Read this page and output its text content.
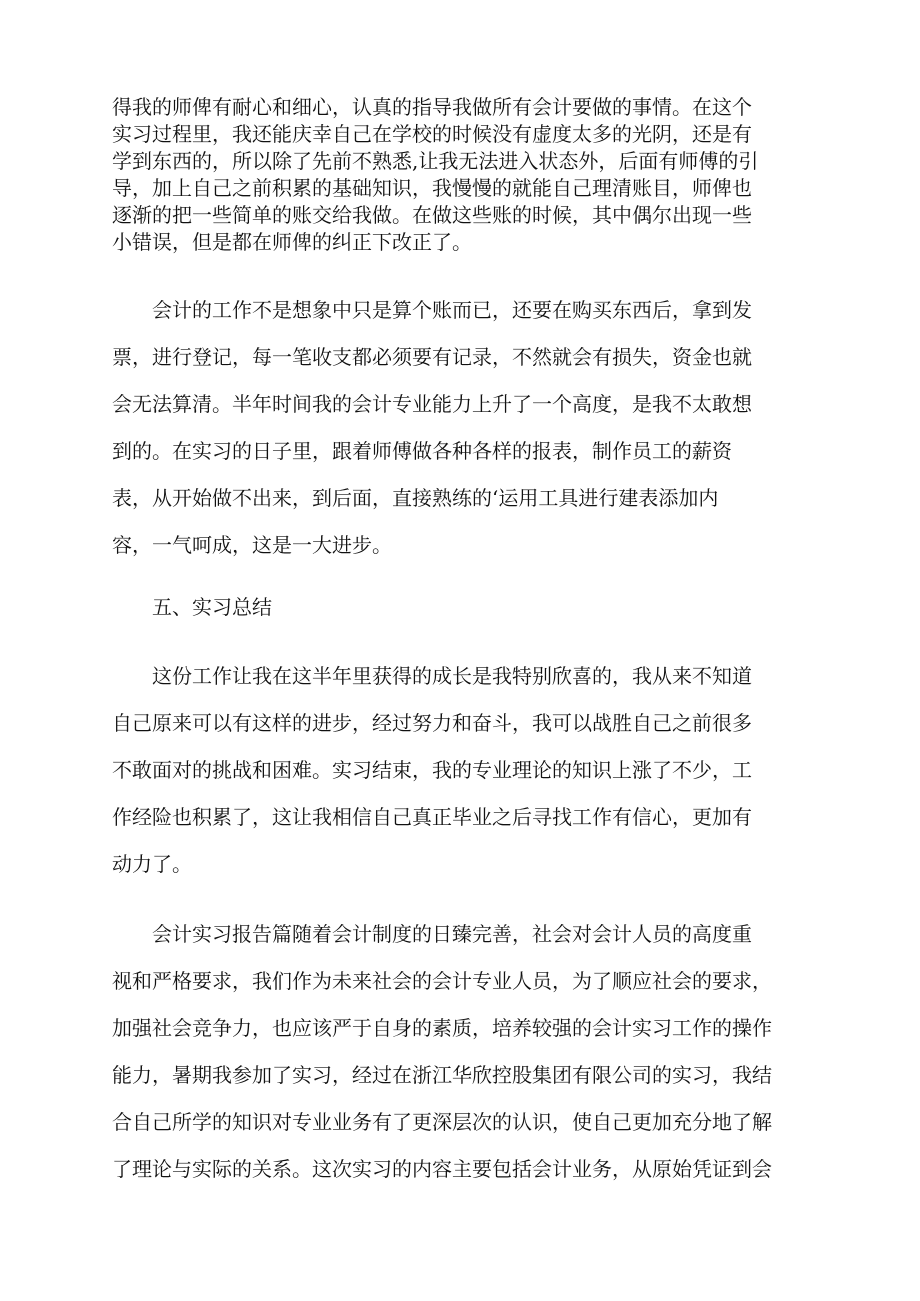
得我的师俾有耐心和细心，认真的指导我做所有会计要做的事情。在这个
实习过程里，我还能庆幸自己在学校的时候没有虚度太多的光阴，还是有
学到东西的，所以除了先前不熟悉,让我无法进入状态外，后面有师傅的引
导，加上自己之前积累的基础知识，我慢慢的就能自己理清账目，师俾也
逐渐的把一些简单的账交给我做。在做这些账的时候，其中偶尔出现一些
小错误，但是都在师俾的纠正下改正了。

　　会计的工作不是想象中只是算个账而已，还要在购买东西后，拿到发
票，进行登记，每一笔收支都必须要有记录，不然就会有损失，资金也就
会无法算清。半年时间我的会计专业能力上升了一个高度，是我不太敢想
到的。在实习的日子里，跟着师傅做各种各样的报表，制作员工的薪资
表，从开始做不出来，到后面，直接熟练的‘运用工具进行建表添加内
容，一气呵成，这是一大进步。

　　五、实习总结

　　这份工作让我在这半年里获得的成长是我特别欣喜的，我从来不知道
自己原来可以有这样的进步，经过努力和奋斗，我可以战胜自己之前很多
不敢面对的挑战和困难。实习结束，我的专业理论的知识上涨了不少，工
作经险也积累了，这让我相信自己真正毕业之后寻找工作有信心，更加有
动力了。

　　会计实习报告篇随着会计制度的日臻完善，社会对会计人员的高度重
视和严格要求，我们作为未来社会的会计专业人员，为了顺应社会的要求，
加强社会竞争力，也应该严于自身的素质，培养较强的会计实习工作的操作
能力，暑期我参加了实习，经过在浙江华欣控股集团有限公司的实习，我结
合自己所学的知识对专业业务有了更深层次的认识，使自己更加充分地了解
了理论与实际的关系。这次实习的内容主要包括会计业务，从原始凭证到会
